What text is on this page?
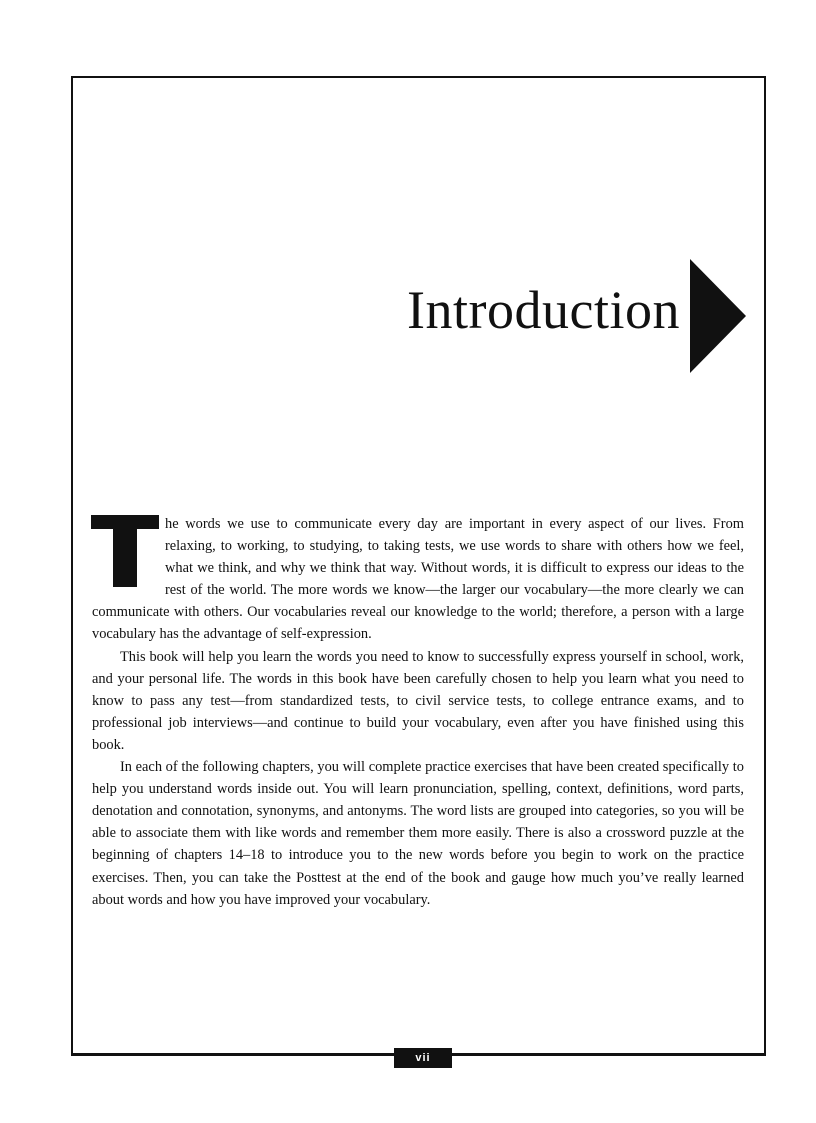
Introduction

he words we use to communicate every day are important in every aspect of our lives. From relaxing, to working, to studying, to taking tests, we use words to share with others how we feel, what we think, and why we think that way. Without words, it is difficult to express our ideas to the rest of the world. The more words we know—the larger our vocabulary—the more clearly we can communicate with others. Our vocabularies reveal our knowledge to the world; therefore, a person with a large vocabulary has the advantage of self-expression.

This book will help you learn the words you need to know to successfully express yourself in school, work, and your personal life. The words in this book have been carefully chosen to help you learn what you need to know to pass any test—from standardized tests, to civil service tests, to college entrance exams, and to professional job interviews—and continue to build your vocabulary, even after you have finished using this book.

In each of the following chapters, you will complete practice exercises that have been created specifically to help you understand words inside out. You will learn pronunciation, spelling, context, definitions, word parts, denotation and connotation, synonyms, and antonyms. The word lists are grouped into categories, so you will be able to associate them with like words and remember them more easily. There is also a crossword puzzle at the beginning of chapters 14–18 to introduce you to the new words before you begin to work on the practice exercises. Then, you can take the Posttest at the end of the book and gauge how much you’ve really learned about words and how you have improved your vocabulary.

vii
